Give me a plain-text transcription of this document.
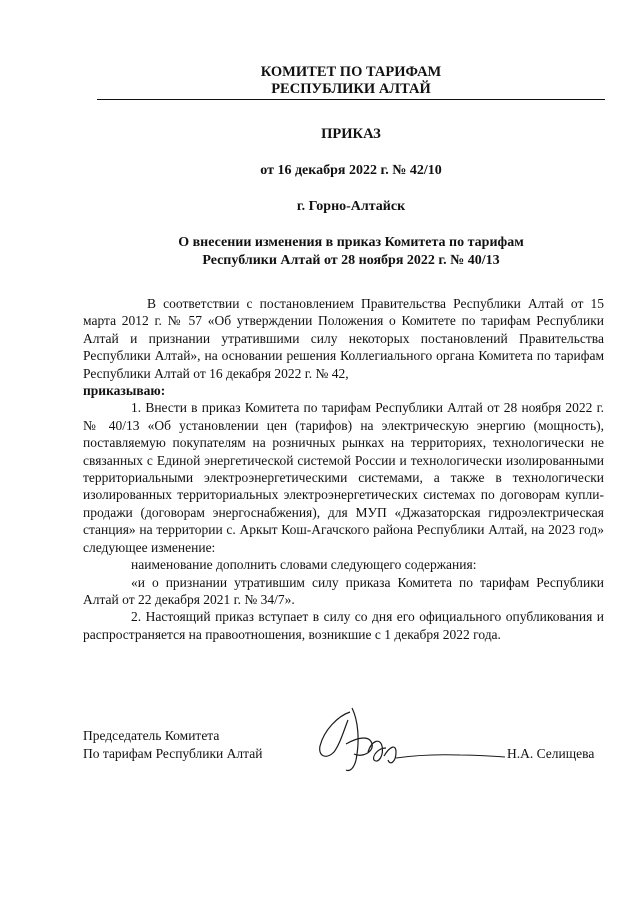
КОМИТЕТ ПО ТАРИФАМ
РЕСПУБЛИКИ АЛТАЙ
ПРИКАЗ
от 16 декабря 2022 г. № 42/10
г. Горно-Алтайск
О внесении изменения в приказ Комитета по тарифам
Республики Алтай от 28 ноября 2022 г. № 40/13

В соответствии с постановлением Правительства Республики Алтай от 15 марта 2012 г. № 57 «Об утверждении Положения о Комитете по тарифам Республики Алтай и признании утратившими силу некоторых постановлений Правительства Республики Алтай», на основании решения Коллегиального органа Комитета по тарифам Республики Алтай от 16 декабря 2022 г. № 42,

приказываю:

1. Внести в приказ Комитета по тарифам Республики Алтай от 28 ноября 2022 г. № 40/13 «Об установлении цен (тарифов) на электрическую энергию (мощность), поставляемую покупателям на розничных рынках на территориях, технологически не связанных с Единой энергетической системой России и технологически изолированными территориальными электроэнергетическими системами, а также в технологически изолированных территориальных электроэнергетических системах по договорам купли-продажи (договорам энергоснабжения), для МУП «Джазаторская гидроэлектрическая станция» на территории с. Аркыт Кош-Агачского района Республики Алтай, на 2023 год» следующее изменение:

наименование дополнить словами следующего содержания:

«и о признании утратившим силу приказа Комитета по тарифам Республики Алтай от 22 декабря 2021 г. № 34/7».

2. Настоящий приказ вступает в силу со дня его официального опубликования и распространяется на правоотношения, возникшие с 1 декабря 2022 года.

Председатель Комитета
По тарифам Республики Алтай	Н.А. Селищева
